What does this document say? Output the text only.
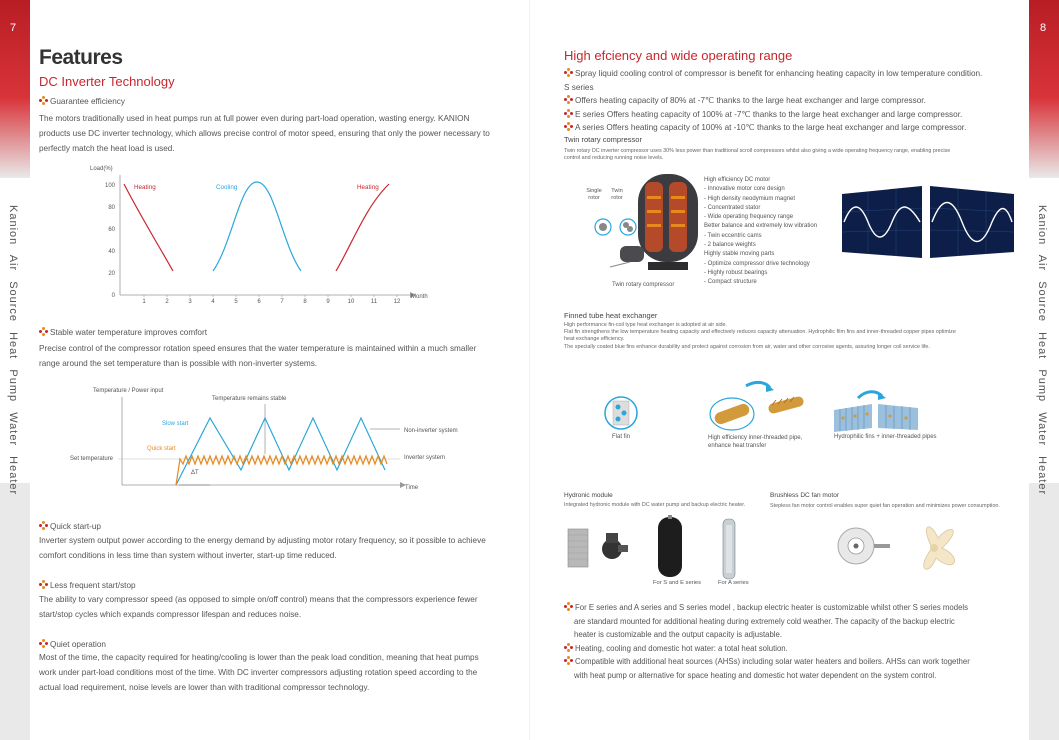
7
Kanion Air Source Heat Pump Water Heater
8
Kanion Air Source Heat Pump Water Heater
Features
DC Inverter Technology
Guarantee efficiency
The motors traditionally used in heat pumps run at full power even during part-load operation, wasting energy. KANION products use DC inverter technology, which allows precise control of motor speed, ensuring that only the power necessary to perfectly match the heat load is used.
Load(%)
0
20
40
60
80
100
1	2	3	4	5	6	7	8	9	10	11	12
Month
Heating	Cooling	Heating
Stable water temperature improves comfort
Precise control of the compressor rotation speed ensures that the water temperature is maintained within a much smaller range around the set temperature than is possible with non-inverter systems.
Temperature / Power input
Time
Temperature remains stable
Slow start
Quick start
Set temperature
ΔT
Non-inverter system
Inverter system
Quick start-up
Inverter system output power according to the energy demand by adjusting motor rotary frequency, so it possible to achieve comfort conditions in less time than system without inverter, start-up time reduced.
Less frequent start/stop
The ability to vary compressor speed (as opposed to simple on/off control) means that the compressors experience fewer start/stop cycles which expands compressor lifespan and reduces noise.
Quiet operation
Most of the time, the capacity required for heating/cooling is lower than the peak load condition, meaning that heat pumps work under part-load conditions most of the time. With DC inverter compressors adjusting rotation speed according to the actual load requirement, noise levels are lower than with traditional compressor technology.
High efciency and wide operating range
Spray liquid cooling control of compressor is benefit for enhancing heating capacity in low temperature condition. S series
Offers heating capacity of 80% at -7℃ thanks to the large heat exchanger and large compressor.
E series Offers heating capacity of 100% at -7℃ thanks to the large heat exchanger and large compressor.
A series Offers heating capacity of 100% at -10℃ thanks to the large heat exchanger and large compressor.
Twin rotary compressor
Twin rotary DC inverter compressor uses 30% less power than traditional scroll compressors whilst also giving a wide operating frequency range, enabling precise control and reducing running noise levels.
Single rotor
Twin rotor
Twin rotary compressor
High efficiency DC motor
- Innovative motor core design
- High density neodymium magnet
- Concentrated stator
- Wide operating frequency range
Better balance and extremely low vibration
- Twin eccentric cams
- 2 balance weights
Highly stable moving parts
- Optimize compressor drive technology
- Highly robust bearings
- Compact structure
Finned tube heat exchanger
High performance fin-coil type heat exchanger is adopted at air side.
Flat fin strengthens the low temperature heating capacity and effectively reduces capacity attenuation. Hydrophilic film fins and inner-threaded copper pipes optimize heat exchange efficiency.
The specially coated blue fins enhance durability and protect against corrosion from air, water and other corrosive agents, assuring longer coil service life.
Flat fin	High efficiency inner-threaded pipe, enhance heat transfer
Hydrophilic fins + inner-threaded pipes
Hydronic module
Integrated hydronic module with DC water pump and backup electric heater.
For S and E series	For A series
Brushless DC fan motor
Stepless fan motor control enables super quiet fan operation and minimizes power consumption.
For E series and A series and S series model , backup electric heater is customizable whilst other S series models are standard mounted for additional heating during extremely cold weather. The capacity of the backup electric heater is customizable and the output capacity is adjustable.
Heating, cooling and domestic hot water: a total heat solution.
Compatible with additional heat sources (AHSs) including solar water heaters and boilers. AHSs can work together with heat pump or alternative for space heating and domestic hot water dependent on the system control.
